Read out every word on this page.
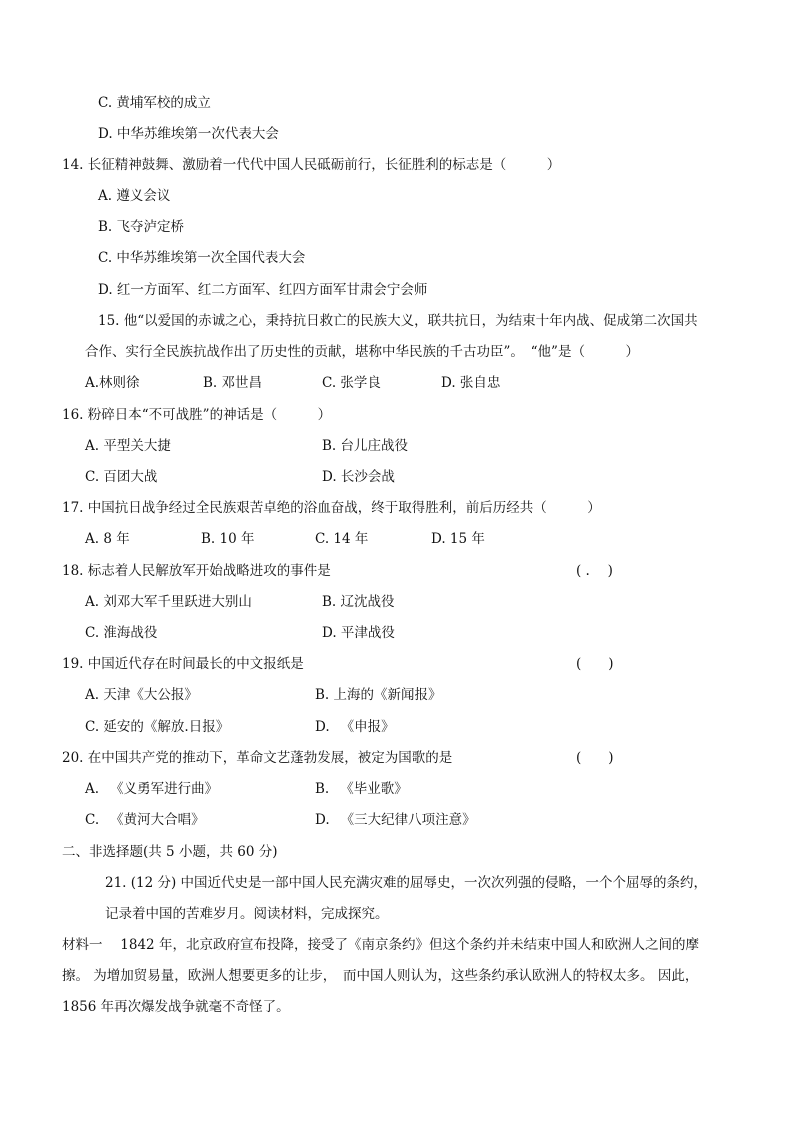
C. 黄埔军校的成立
D. 中华苏维埃第一次代表大会
14. 长征精神鼓舞、激励着一代代中国人民砥砺前行，长征胜利的标志是（　　　）
A. 遵义会议
B. 飞夺泸定桥
C. 中华苏维埃第一次全国代表大会
D. 红一方面军、红二方面军、红四方面军甘肃会宁会师
15. 他“以爱国的赤诚之心，秉持抗日救亡的民族大义，联共抗日，为结束十年内战、促成第二次国共
合作、实行全民族抗战作出了历史性的贡献，堪称中华民族的千古功臣”。　“他”是（　　　）
A.林则徐	B. 邓世昌	C. 张学良	D. 张自忠
16. 粉碎日本“不可战胜”的神话是（　　　）
A. 平型关大捷	B. 台儿庄战役
C. 百团大战	D. 长沙会战
17. 中国抗日战争经过全民族艰苦卓绝的浴血奋战，终于取得胜利，前后历经共（　　　）
A. 8 年	B. 10 年	C. 14 年	D. 15 年
18. 标志着人民解放军开始战略进攻的事件是	( .　 )
A. 刘邓大军千里跃进大别山	B. 辽沈战役
C. 淮海战役	D. 平津战役
19. 中国近代存在时间最长的中文报纸是	(　　)
A. 天津《大公报》	B. 上海的《新闻报》
C. 延安的《解放.日报》	D. 　《申报》
20. 在中国共产党的推动下，革命文艺蓬勃发展，被定为国歌的是	(　　)
A. 　《义勇军进行曲》	B. 　《毕业歌》
C. 　《黄河大合唱》	D. 　《三大纪律八项注意》
二、非选择题(共 5 小题，共 60 分)
21. (12 分) 中国近代史是一部中国人民充满灾难的屈辱史，一次次列强的侵略，一个个屈辱的条约，
记录着中国的苦难岁月。阅读材料，完成探究。
材料一　 1842 年，北京政府宣布投降，接受了《南京条约》但这个条约并未结束中国人和欧洲人之间的摩
擦。 为增加贸易量，欧洲人想要更多的让步，　而中国人则认为，这些条约承认欧洲人的特权太多。 因此，
1856 年再次爆发战争就毫不奇怪了。
